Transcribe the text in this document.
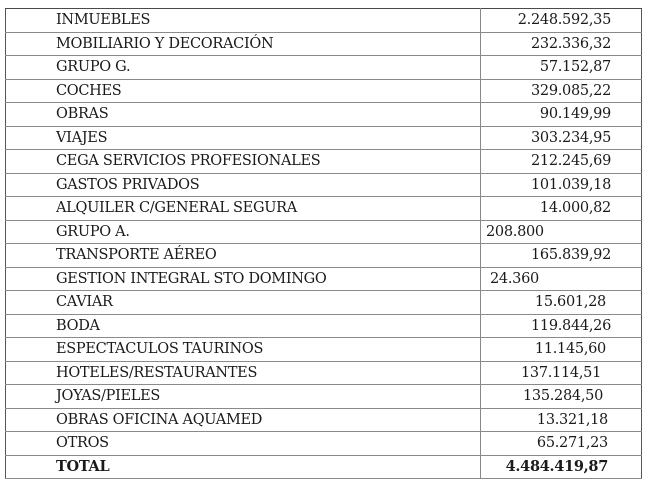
INMUEBLES	2.248.592,35
MOBILIARIO Y DECORACIÓN	232.336,32
GRUPO G.	57.152,87
COCHES	329.085,22
OBRAS	90.149,99
VIAJES	303.234,95
CEGA SERVICIOS PROFESIONALES	212.245,69
GASTOS PRIVADOS	101.039,18
ALQUILER C/GENERAL SEGURA	14.000,82
GRUPO A.	208.800
TRANSPORTE AÉREO	165.839,92
GESTION INTEGRAL STO DOMINGO	24.360
CAVIAR	15.601,28
BODA	119.844,26
ESPECTACULOS TAURINOS	11.145,60
HOTELES/RESTAURANTES	137.114,51
JOYAS/PIELES	135.284,50
OBRAS OFICINA AQUAMED	13.321,18
OTROS	65.271,23
TOTAL	4.484.419,87
